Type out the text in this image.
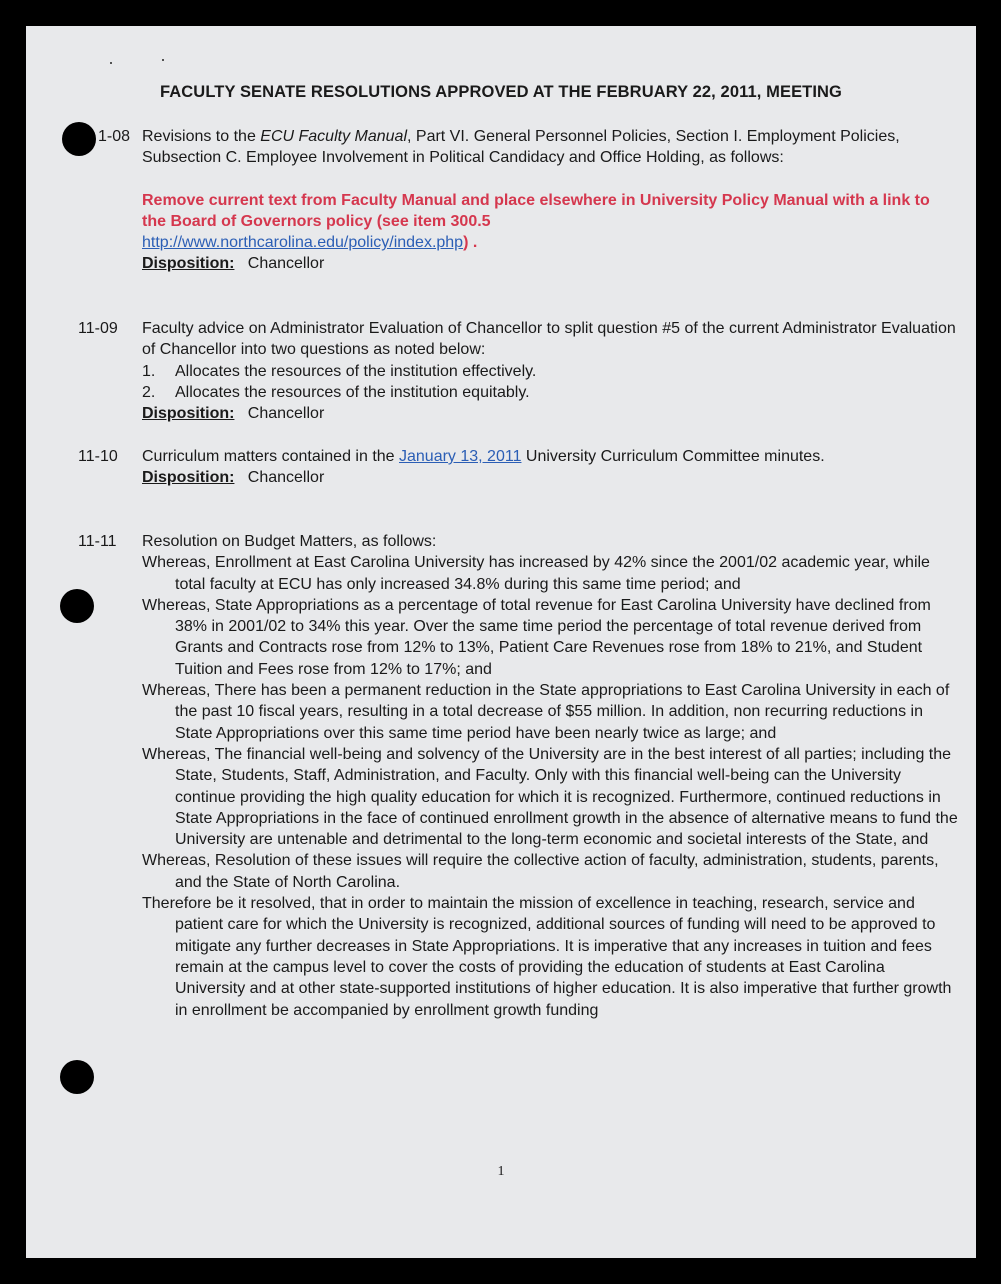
FACULTY SENATE RESOLUTIONS APPROVED AT THE FEBRUARY 22, 2011, MEETING
1-08 Revisions to the ECU Faculty Manual, Part VI. General Personnel Policies, Section I. Employment Policies, Subsection C. Employee Involvement in Political Candidacy and Office Holding, as follows:
Remove current text from Faculty Manual and place elsewhere in University Policy Manual with a link to the Board of Governors policy (see item 300.5
http://www.northcarolina.edu/policy/index.php) .
Disposition: Chancellor
11-09	Faculty advice on Administrator Evaluation of Chancellor to split question #5 of the current Administrator Evaluation of Chancellor into two questions as noted below:
1.	Allocates the resources of the institution effectively.
2.	Allocates the resources of the institution equitably.
Disposition: Chancellor
11-10	Curriculum matters contained in the January 13, 2011 University Curriculum Committee minutes.
Disposition: Chancellor
11-11	Resolution on Budget Matters, as follows:
Whereas, Enrollment at East Carolina University has increased by 42% since the 2001/02 academic year, while total faculty at ECU has only increased 34.8% during this same time period; and
Whereas, State Appropriations as a percentage of total revenue for East Carolina University have declined from 38% in 2001/02 to 34% this year. Over the same time period the percentage of total revenue derived from Grants and Contracts rose from 12% to 13%, Patient Care Revenues rose from 18% to 21%, and Student Tuition and Fees rose from 12% to 17%; and
Whereas, There has been a permanent reduction in the State appropriations to East Carolina University in each of the past 10 fiscal years, resulting in a total decrease of $55 million. In addition, non recurring reductions in State Appropriations over this same time period have been nearly twice as large; and
Whereas, The financial well-being and solvency of the University are in the best interest of all parties; including the State, Students, Staff, Administration, and Faculty. Only with this financial well-being can the University continue providing the high quality education for which it is recognized. Furthermore, continued reductions in State Appropriations in the face of continued enrollment growth in the absence of alternative means to fund the University are untenable and detrimental to the long-term economic and societal interests of the State, and
Whereas, Resolution of these issues will require the collective action of faculty, administration, students, parents, and the State of North Carolina.
Therefore be it resolved, that in order to maintain the mission of excellence in teaching, research, service and patient care for which the University is recognized, additional sources of funding will need to be approved to mitigate any further decreases in State Appropriations. It is imperative that any increases in tuition and fees remain at the campus level to cover the costs of providing the education of students at East Carolina University and at other state-supported institutions of higher education. It is also imperative that further growth in enrollment be accompanied by enrollment growth funding
1
